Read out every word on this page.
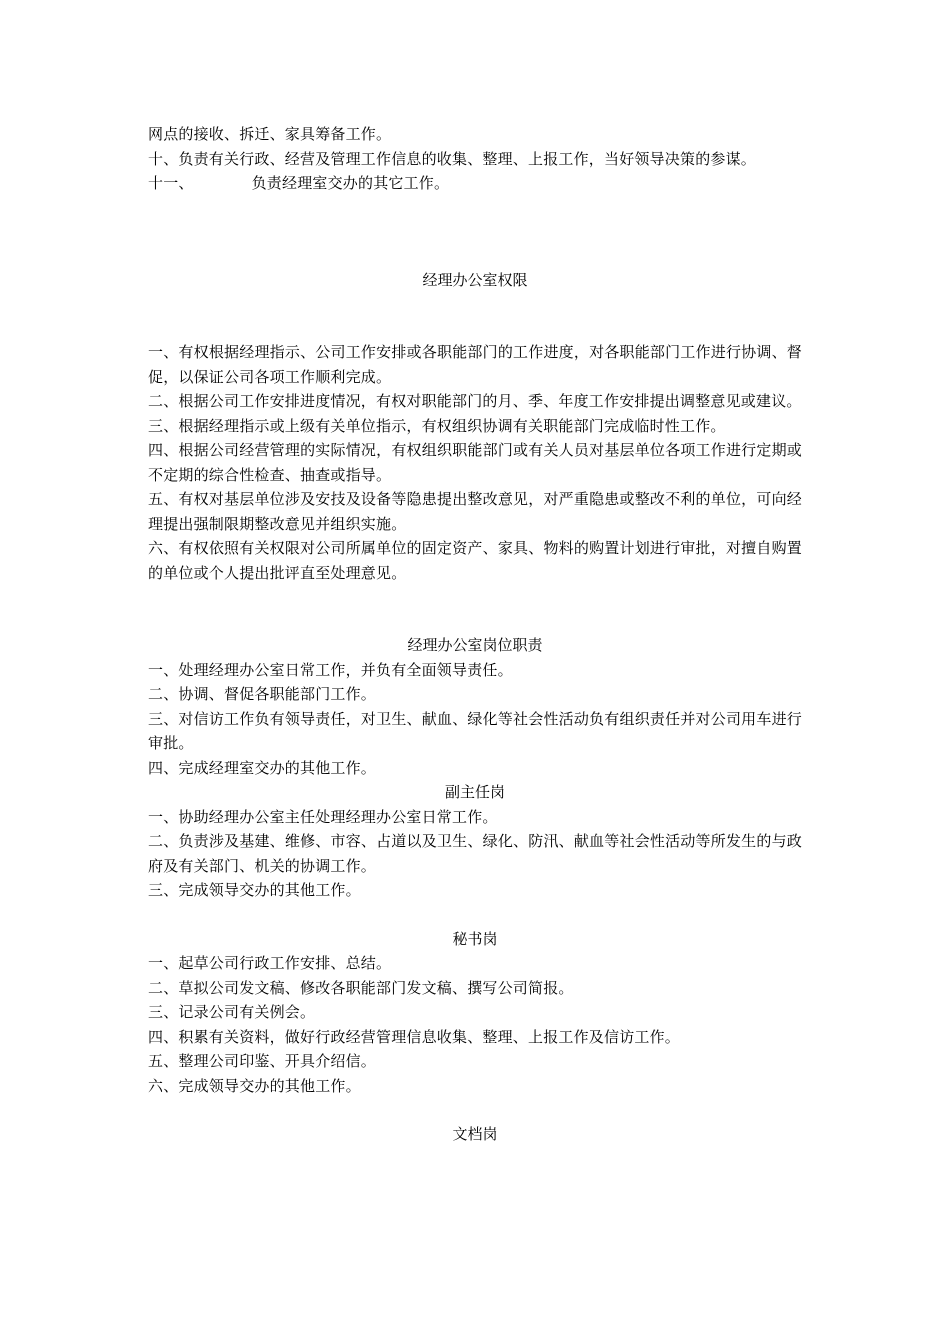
网点的接收、拆迁、家具筹备工作。
十、负责有关行政、经营及管理工作信息的收集、整理、上报工作，当好领导决策的参谋。
十一、	负责经理室交办的其它工作。
经理办公室权限

一、有权根据经理指示、公司工作安排或各职能部门的工作进度，对各职能部门工作进行协调、督促，以保证公司各项工作顺利完成。

二、根据公司工作安排进度情况，有权对职能部门的月、季、年度工作安排提出调整意见或建议。

三、根据经理指示或上级有关单位指示，有权组织协调有关职能部门完成临时性工作。

四、根据公司经营管理的实际情况，有权组织职能部门或有关人员对基层单位各项工作进行定期或不定期的综合性检查、抽查或指导。

五、有权对基层单位涉及安技及设备等隐患提出整改意见，对严重隐患或整改不利的单位，可向经理提出强制限期整改意见并组织实施。

六、有权依照有关权限对公司所属单位的固定资产、家具、物料的购置计划进行审批，对擅自购置的单位或个人提出批评直至处理意见。

经理办公室岗位职责

一、处理经理办公室日常工作，并负有全面领导责任。

二、协调、督促各职能部门工作。

三、对信访工作负有领导责任，对卫生、献血、绿化等社会性活动负有组织责任并对公司用车进行审批。

四、完成经理室交办的其他工作。

副主任岗

一、协助经理办公室主任处理经理办公室日常工作。

二、负责涉及基建、维修、市容、占道以及卫生、绿化、防汛、献血等社会性活动等所发生的与政府及有关部门、机关的协调工作。

三、完成领导交办的其他工作。

秘书岗

一、起草公司行政工作安排、总结。

二、草拟公司发文稿、修改各职能部门发文稿、撰写公司简报。

三、记录公司有关例会。

四、积累有关资料，做好行政经营管理信息收集、整理、上报工作及信访工作。

五、整理公司印鉴、开具介绍信。

六、完成领导交办的其他工作。

文档岗
